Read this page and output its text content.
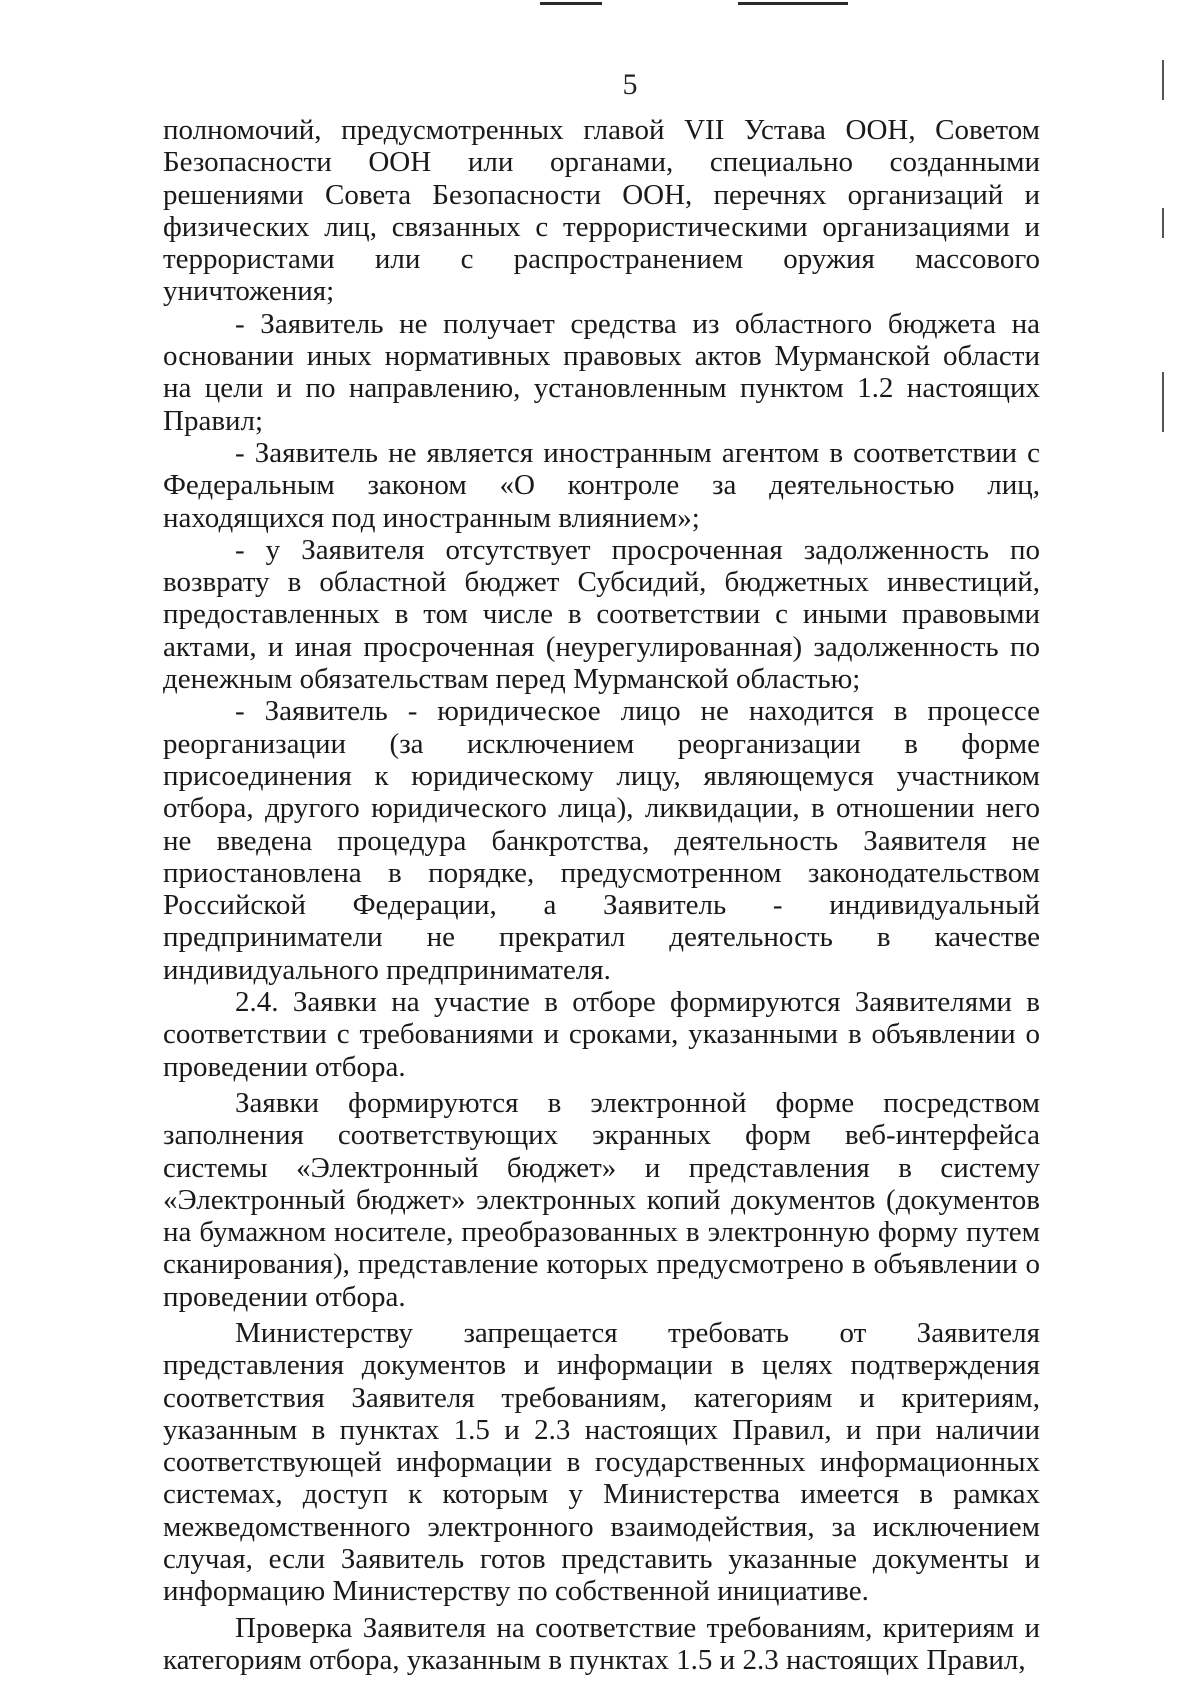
5

полномочий, предусмотренных главой VII Устава ООН, Советом Безопасности ООН или органами, специально созданными решениями Совета Безопасности ООН, перечнях организаций и физических лиц, связанных с террористическими организациями и террористами или с распространением оружия массового уничтожения;

- Заявитель не получает средства из областного бюджета на основании иных нормативных правовых актов Мурманской области на цели и по направлению, установленным пунктом 1.2 настоящих Правил;

- Заявитель не является иностранным агентом в соответствии с Федеральным законом «О контроле за деятельностью лиц, находящихся под иностранным влиянием»;

- у Заявителя отсутствует просроченная задолженность по возврату в областной бюджет Субсидий, бюджетных инвестиций, предоставленных в том числе в соответствии с иными правовыми актами, и иная просроченная (неурегулированная) задолженность по денежным обязательствам перед Мурманской областью;

- Заявитель - юридическое лицо не находится в процессе реорганизации (за исключением реорганизации в форме присоединения к юридическому лицу, являющемуся участником отбора, другого юридического лица), ликвидации, в отношении него не введена процедура банкротства, деятельность Заявителя не приостановлена в порядке, предусмотренном законодательством Российской Федерации, а Заявитель - индивидуальный предприниматели не прекратил деятельность в качестве индивидуального предпринимателя.

2.4. Заявки на участие в отборе формируются Заявителями в соответствии с требованиями и сроками, указанными в объявлении о проведении отбора.

Заявки формируются в электронной форме посредством заполнения соответствующих экранных форм веб-интерфейса системы «Электронный бюджет» и представления в систему «Электронный бюджет» электронных копий документов (документов на бумажном носителе, преобразованных в электронную форму путем сканирования), представление которых предусмотрено в объявлении о проведении отбора.

Министерству запрещается требовать от Заявителя представления документов и информации в целях подтверждения соответствия Заявителя требованиям, категориям и критериям, указанным в пунктах 1.5 и 2.3 настоящих Правил, и при наличии соответствующей информации в государственных информационных системах, доступ к которым у Министерства имеется в рамках межведомственного электронного взаимодействия, за исключением случая, если Заявитель готов представить указанные документы и информацию Министерству по собственной инициативе.

Проверка Заявителя на соответствие требованиям, критериям и категориям отбора, указанным в пунктах 1.5 и 2.3 настоящих Правил,
